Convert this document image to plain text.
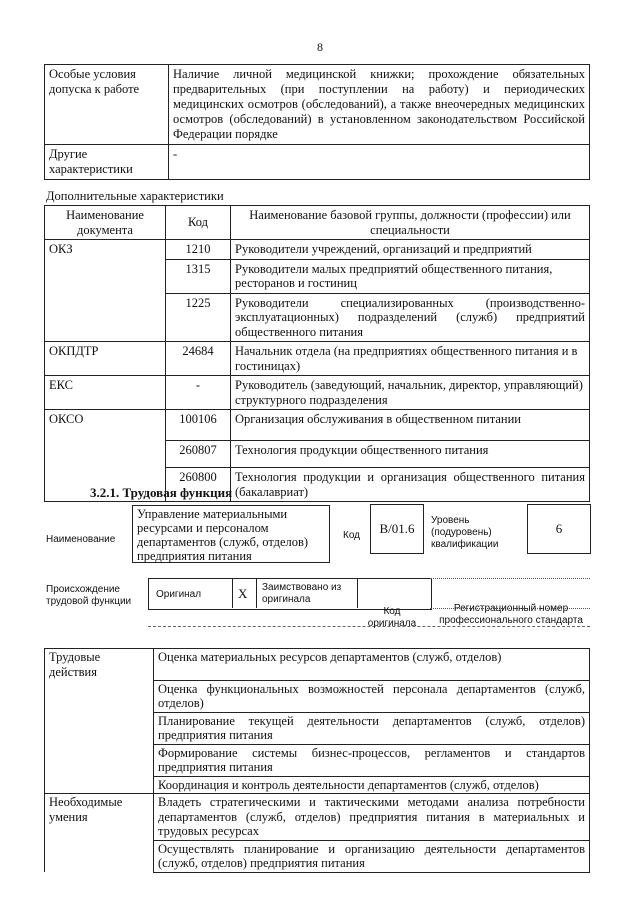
8
Особые условия допуска к работе	Наличие личной медицинской книжки; прохождение обязательных предварительных (при поступлении на работу) и периодических медицинских осмотров (обследований), а также внеочередных медицинских осмотров (обследований) в установленном законодательством Российской Федерации порядке
Другие характеристики	-
Дополнительные характеристики
Наименование документа	Код	Наименование базовой группы, должности (профессии) или специальности
ОКЗ	1210	Руководители учреждений, организаций и предприятий
	1315	Руководители малых предприятий общественного питания, ресторанов и гостиниц
	1225	Руководители специализированных (производственно-эксплуатационных) подразделений (служб) предприятий общественного питания
ОКПДТР	24684	Начальник отдела (на предприятиях общественного питания и в гостиницах)
ЕКС	-	Руководитель (заведующий, начальник, директор, управляющий) структурного подразделения
ОКСО	100106	Организация обслуживания в общественном питании
	260807	Технология продукции общественного питания
	260800	Технология продукции и организация общественного питания (бакалавриат)
3.2.1. Трудовая функция
Наименование
Управление материальными ресурсами и персоналом департаментов (служб, отделов) предприятия питания
Код	B/01.6
Уровень (подуровень) квалификации
6
Происхождение трудовой функции
Оригинал	X Заимствовано из оригинала
Код оригинала
Регистрационный номер профессионального стандарта
Трудовые действия	Оценка материальных ресурсов департаментов (служб, отделов)
	Оценка функциональных возможностей персонала департаментов (служб, отделов)
	Планирование текущей деятельности департаментов (служб, отделов) предприятия питания
	Формирование системы бизнес-процессов, регламентов и стандартов предприятия питания
	Координация и контроль деятельности департаментов (служб, отделов)
Необходимые умения	Владеть стратегическими и тактическими методами анализа потребности департаментов (служб, отделов) предприятия питания в материальных и трудовых ресурсах
	Осуществлять планирование и организацию деятельности департаментов (служб, отделов) предприятия питания
